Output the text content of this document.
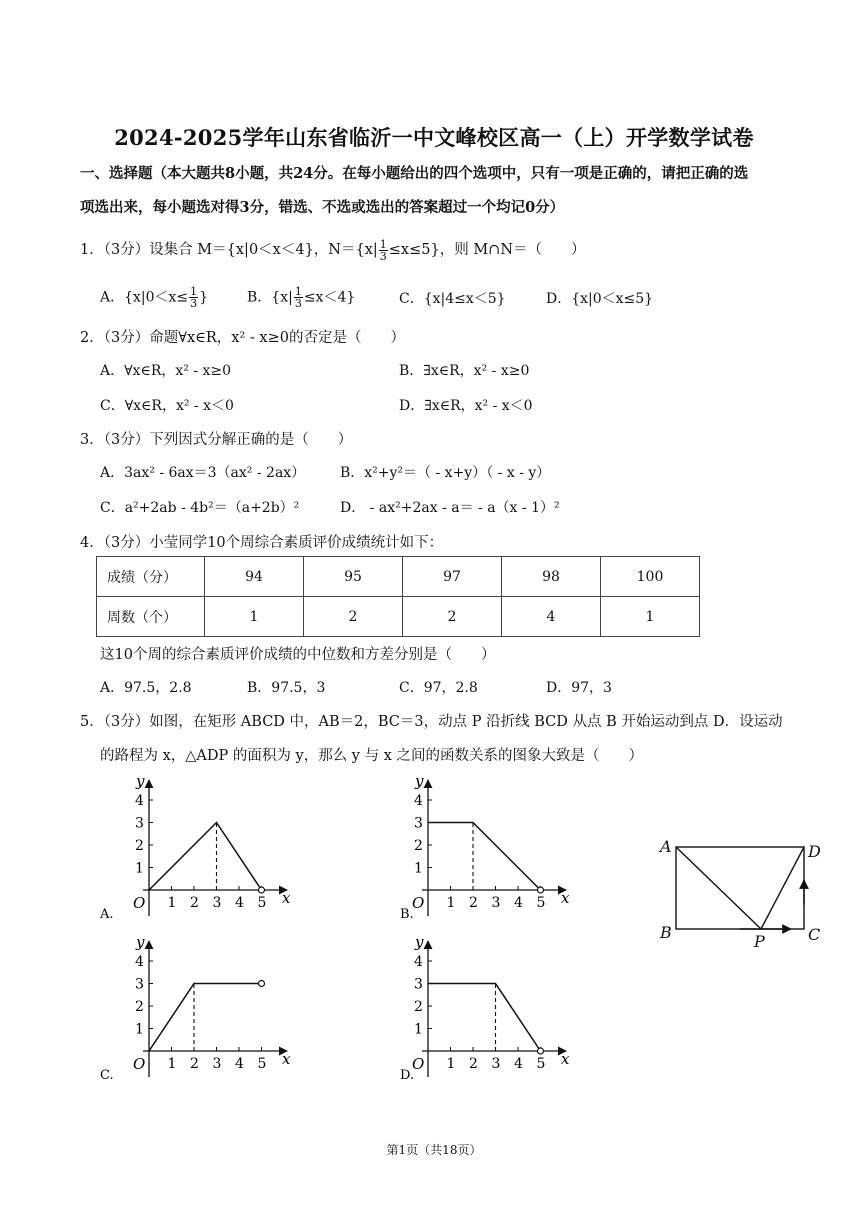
2024-2025学年山东省临沂一中文峰校区高一（上）开学数学试卷
一、选择题（本大题共8小题，共24分。在每小题给出的四个选项中，只有一项是正确的，请把正确的选
项选出来，每小题选对得3分，错选、不选或选出的答案超过一个均记0分）
1．（3分）设集合 M＝{x|0＜x＜4}，$N=\{x| \frac{1}{3} \le x\le 5\}$，则 M∩N＝（　　）
A．{$x|0<x\le \frac{1}{3}$ }	B．$\{x| \frac{1}{3} \le x<4\}$	C．{x|4≤x＜5}	D．{x|0＜x≤5}
2．（3分）命题∀x∈R，x² - x≥0的否定是（　　）
A．∀x∈R，x² - x≥0	B．∃x∈R，x² - x≥0
C．∀x∈R，x² - x＜0	D．∃x∈R，x² - x＜0
3．（3分）下列因式分解正确的是（　　）
A．3ax² - 6ax＝3（ax² - 2ax） B．x²+y²＝（ - x+y）（ - x - y）
C．a²+2ab - 4b²＝（a+2b）²	D． - ax²+2ax - a＝ - a（x - 1）²
4．（3分）小莹同学10个周综合素质评价成绩统计如下：
成绩（分）	94	95	97	98	100
周数（个）	1	2	2	4	1
这10个周的综合素质评价成绩的中位数和方差分别是（　　）
A．97.5，2.8	B．97.5，3	C．97，2.8	D．97，3
5．（3分）如图，在矩形 ABCD 中，AB＝2，BC＝3，动点 P 沿折线 BCD 从点 B 开始运动到点 D．设运动
的路程为 x，△ADP 的面积为 y，那么 y 与 x 之间的函数关系的图象大致是（　　）
1 2 3 4 5
1
2
3
4
O	x
y
A.
1 2 3 4 5
1
2
3
4
O	x
y
B.
1 2 3 4 5
1
2
3
4
O	x
y
C.
1 2 3 4 5
1
2
3
4
O	x
y
D.
A	D
B	C
P
第1页（共18页）
